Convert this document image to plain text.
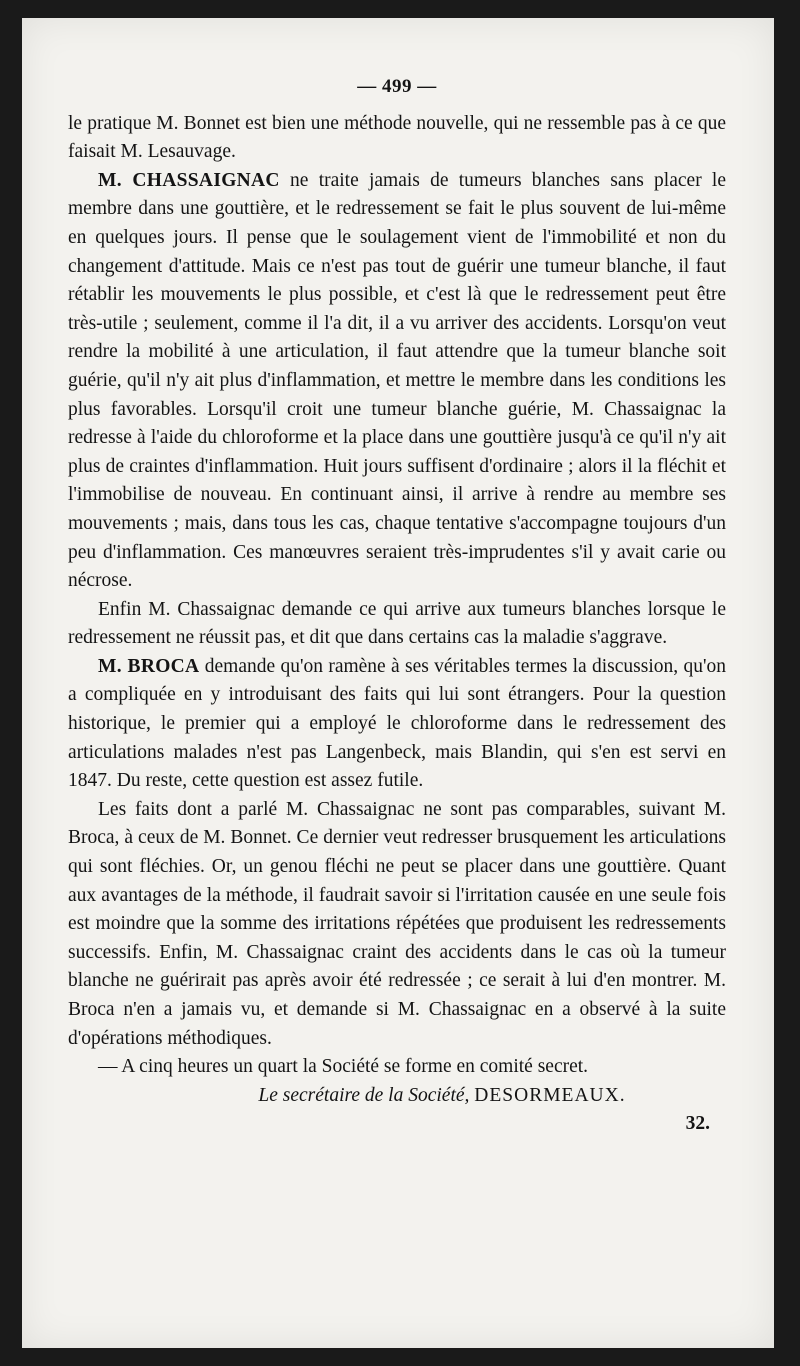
— 499 —

le pratique M. Bonnet est bien une méthode nouvelle, qui ne ressemble pas à ce que faisait M. Lesauvage.

M. CHASSAIGNAC ne traite jamais de tumeurs blanches sans placer le membre dans une gouttière, et le redressement se fait le plus souvent de lui-même en quelques jours. Il pense que le soulagement vient de l'immobilité et non du changement d'attitude. Mais ce n'est pas tout de guérir une tumeur blanche, il faut rétablir les mouvements le plus possible, et c'est là que le redressement peut être très-utile ; seulement, comme il l'a dit, il a vu arriver des accidents. Lorsqu'on veut rendre la mobilité à une articulation, il faut attendre que la tumeur blanche soit guérie, qu'il n'y ait plus d'inflammation, et mettre le membre dans les conditions les plus favorables. Lorsqu'il croit une tumeur blanche guérie, M. Chassaignac la redresse à l'aide du chloroforme et la place dans une gouttière jusqu'à ce qu'il n'y ait plus de craintes d'inflammation. Huit jours suffisent d'ordinaire ; alors il la fléchit et l'immobilise de nouveau. En continuant ainsi, il arrive à rendre au membre ses mouvements ; mais, dans tous les cas, chaque tentative s'accompagne toujours d'un peu d'inflammation. Ces manœuvres seraient très-imprudentes s'il y avait carie ou nécrose.

Enfin M. Chassaignac demande ce qui arrive aux tumeurs blanches lorsque le redressement ne réussit pas, et dit que dans certains cas la maladie s'aggrave.

M. BROCA demande qu'on ramène à ses véritables termes la discussion, qu'on a compliquée en y introduisant des faits qui lui sont étrangers. Pour la question historique, le premier qui a employé le chloroforme dans le redressement des articulations malades n'est pas Langenbeck, mais Blandin, qui s'en est servi en 1847. Du reste, cette question est assez futile.

Les faits dont a parlé M. Chassaignac ne sont pas comparables, suivant M. Broca, à ceux de M. Bonnet. Ce dernier veut redresser brusquement les articulations qui sont fléchies. Or, un genou fléchi ne peut se placer dans une gouttière. Quant aux avantages de la méthode, il faudrait savoir si l'irritation causée en une seule fois est moindre que la somme des irritations répétées que produisent les redressements successifs. Enfin, M. Chassaignac craint des accidents dans le cas où la tumeur blanche ne guérirait pas après avoir été redressée ; ce serait à lui d'en montrer. M. Broca n'en a jamais vu, et demande si M. Chassaignac en a observé à la suite d'opérations méthodiques.

— A cinq heures un quart la Société se forme en comité secret.

Le secrétaire de la Société, DESORMEAUX.

32.
